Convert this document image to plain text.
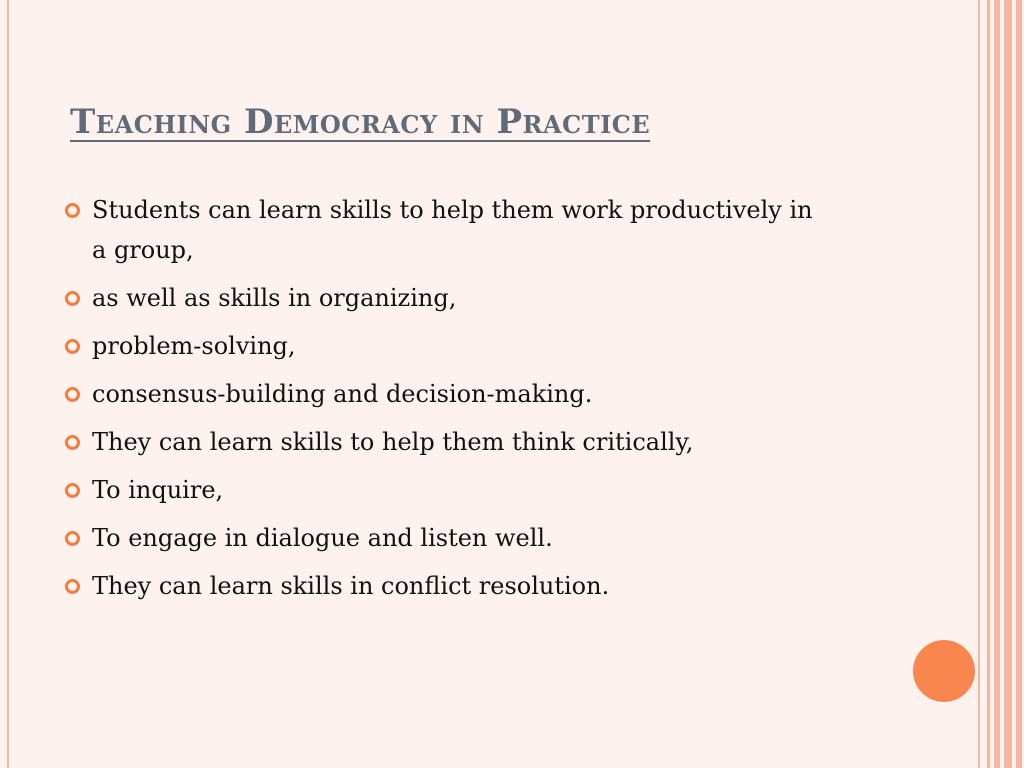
Teaching Democracy in Practice
Students can learn skills to help them work productively in a group,
as well as skills in organizing,
problem-solving,
consensus-building and decision-making.
They can learn skills to help them think critically,
To inquire,
To engage in dialogue and listen well.
They can learn skills in conflict resolution.
